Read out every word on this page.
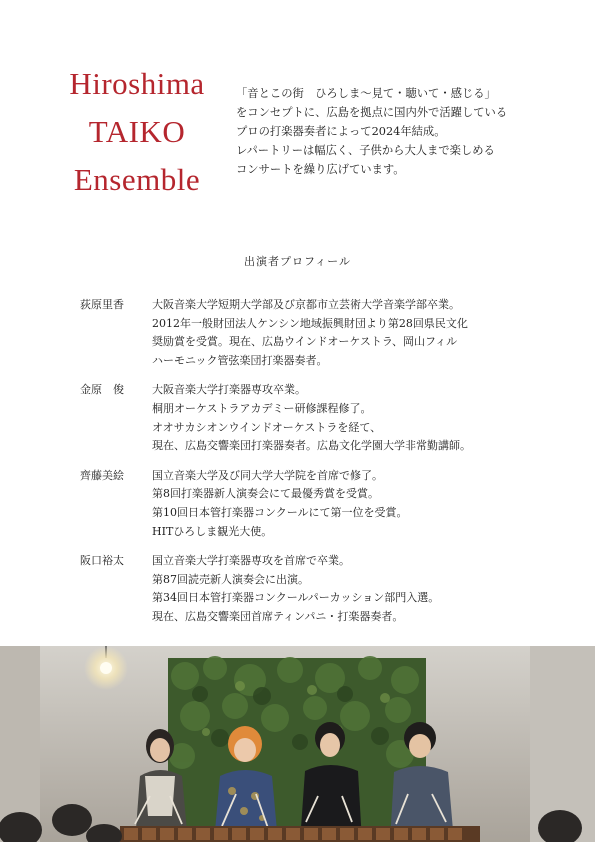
Hiroshima
TAIKO
Ensemble
「音とこの街　ひろしま～見て・聴いて・感じる」
をコンセプトに、広島を拠点に国内外で活躍している
プロの打楽器奏者によって2024年結成。
レパートリーは幅広く、子供から大人まで楽しめる
コンサートを繰り広げています。
出演者プロフィール
荻原里香	大阪音楽大学短期大学部及び京都市立芸術大学音楽学部卒業。
2012年一般財団法人ケンシン地域振興財団より第28回県民文化
奨励賞を受賞。現在、広島ウインドオーケストラ、岡山フィル
ハーモニック管弦楽団打楽器奏者。
金原　俊	大阪音楽大学打楽器専攻卒業。
桐朋オーケストラアカデミー研修課程修了。
オオサカシオンウインドオーケストラを経て、
現在、広島交響楽団打楽器奏者。広島文化学園大学非常勤講師。
齊藤美絵	国立音楽大学及び同大学大学院を首席で修了。
第8回打楽器新人演奏会にて最優秀賞を受賞。
第10回日本管打楽器コンクールにて第一位を受賞。
HITひろしま観光大使。
阪口裕太	国立音楽大学打楽器専攻を首席で卒業。
第87回読売新人演奏会に出演。
第34回日本管打楽器コンクールパーカッション部門入選。
現在、広島交響楽団首席ティンパニ・打楽器奏者。
